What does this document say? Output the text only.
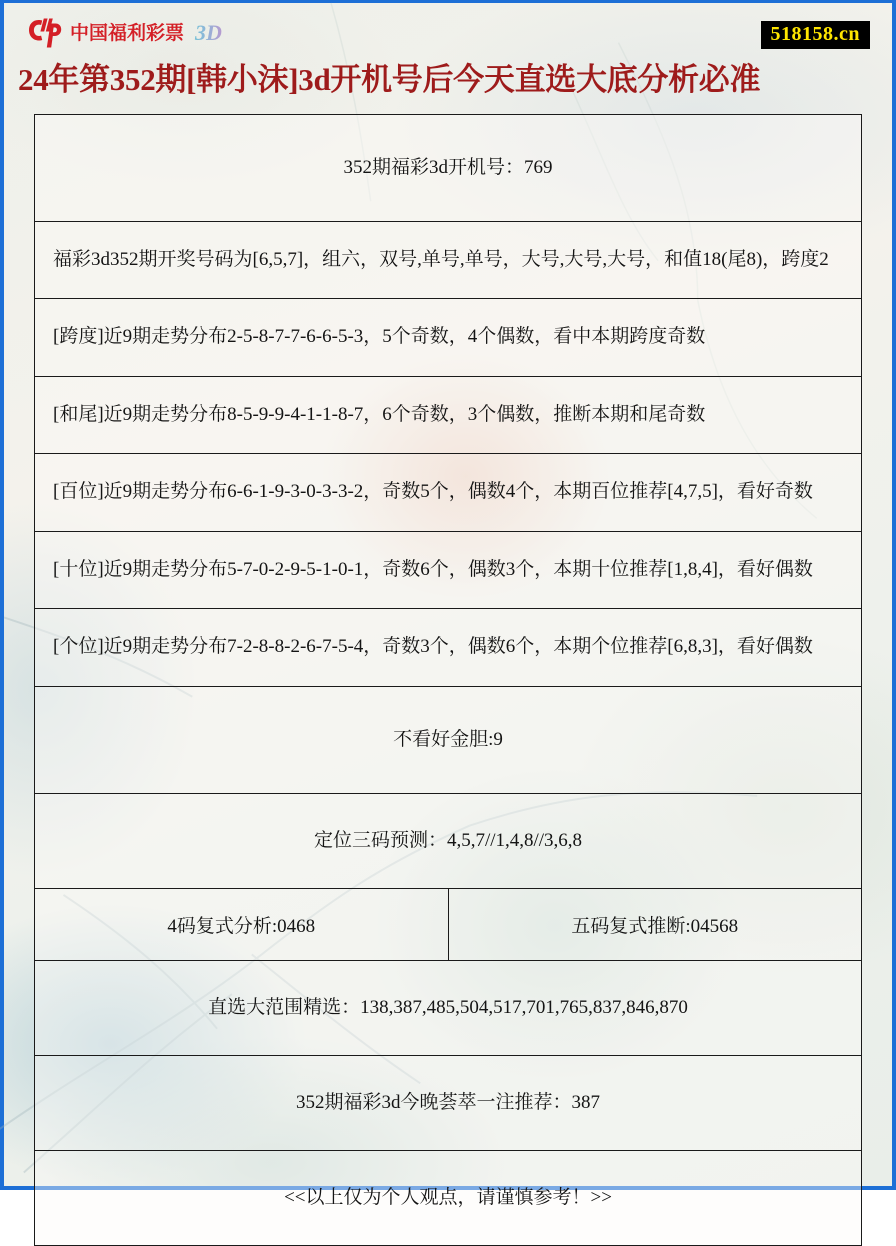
中国福利彩票 3D	518158.cn
24年第352期[韩小沫]3d开机号后今天直选大底分析必准
352期福彩3d开机号：769
福彩3d352期开奖号码为[6,5,7]，组六，双号,单号,单号，大号,大号,大号，和值18(尾8)，跨度2
[跨度]近9期走势分布2-5-8-7-7-6-6-5-3，5个奇数，4个偶数，看中本期跨度奇数
[和尾]近9期走势分布8-5-9-9-4-1-1-8-7，6个奇数，3个偶数，推断本期和尾奇数
[百位]近9期走势分布6-6-1-9-3-0-3-3-2，奇数5个，偶数4个，本期百位推荐[4,7,5]，看好奇数
[十位]近9期走势分布5-7-0-2-9-5-1-0-1，奇数6个，偶数3个，本期十位推荐[1,8,4]，看好偶数
[个位]近9期走势分布7-2-8-8-2-6-7-5-4，奇数3个，偶数6个，本期个位推荐[6,8,3]，看好偶数
不看好金胆:9
定位三码预测：4,5,7//1,4,8//3,6,8
4码复式分析:0468	五码复式推断:04568
直选大范围精选：138,387,485,504,517,701,765,837,846,870
352期福彩3d今晚荟萃一注推荐：387
<<以上仅为个人观点，请谨慎参考！>>
